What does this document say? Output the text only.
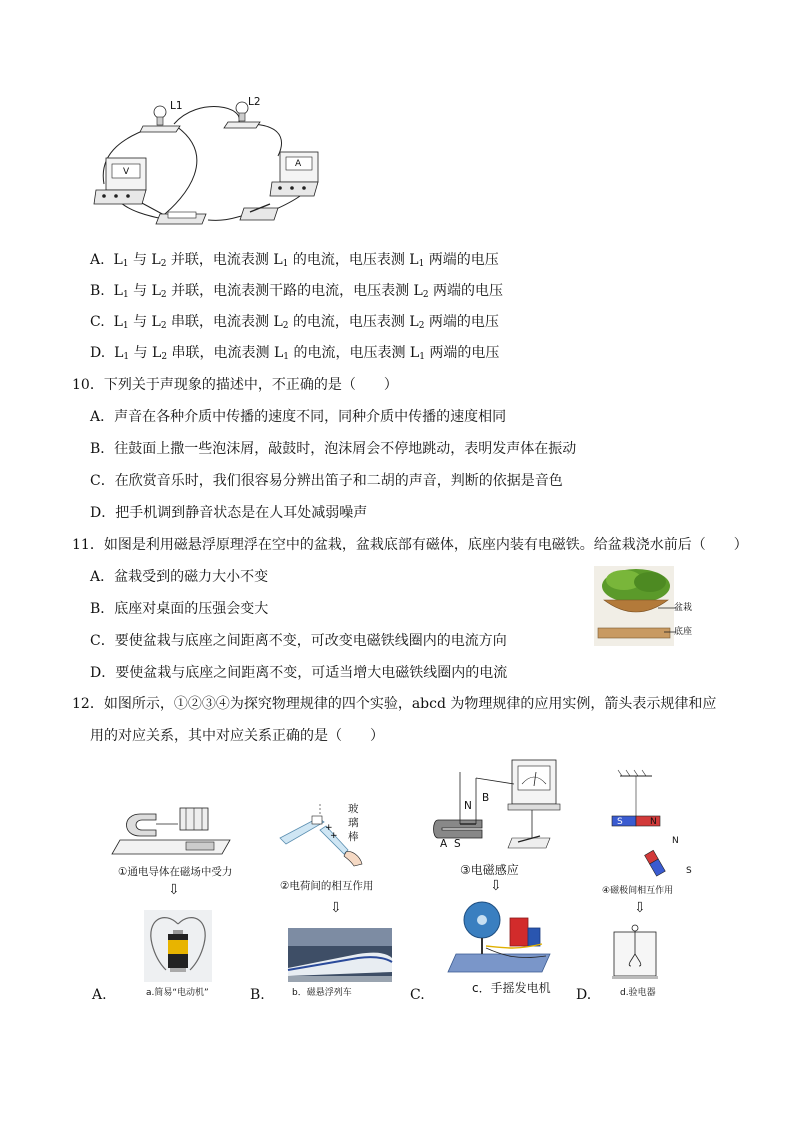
L1	L2
V
A
A. $L_1$ 与 $L_2$ 并联，电流表测 $L_1$ 的电流，电压表测 $L_1$ 两端的电压
B. $L_1$ 与 $L_2$ 并联，电流表测干路的电流，电压表测 $L_2$ 两端的电压
C. $L_1$ 与 $L_2$ 串联，电流表测 $L_2$ 的电流，电压表测 $L_2$ 两端的电压
D. $L_1$ 与 $L_2$ 串联，电流表测 $L_1$ 的电流，电压表测 $L_1$ 两端的电压
10．下列关于声现象的描述中，不正确的是（　　）
A．声音在各种介质中传播的速度不同，同种介质中传播的速度相同
B．往鼓面上撒一些泡沫屑，敲鼓时，泡沫屑会不停地跳动，表明发声体在振动
C．在欣赏音乐时，我们很容易分辨出笛子和二胡的声音，判断的依据是音色
D．把手机调到静音状态是在人耳处减弱噪声
11．如图是利用磁悬浮原理浮在空中的盆栽，盆栽底部有磁体，底座内装有电磁铁。给盆栽浇水前后（　　）
A．盆栽受到的磁力大小不变
B．底座对桌面的压强会变大
C．要使盆栽与底座之间距离不变，可改变电磁铁线圈内的电流方向
D．要使盆栽与底座之间距离不变，可适当增大电磁铁线圈内的电流
盆栽
底座
12．如图所示，①②③④为探究物理规律的四个实验，abcd 为物理规律的应用实例，箭头表示规律和应
用的对应关系，其中对应关系正确的是（　　）
①通电导体在磁场中受力
⇩
+
+
玻
璃
棒
②电荷间的相互作用
⇩
N
B
A S
③电磁感应
⇩
S	N
N
S
④磁极间相互作用
⇩
A.	a.简易“电动机”	B.	b．磁悬浮列车	C.	c．手摇发电机 D.	d.验电器
